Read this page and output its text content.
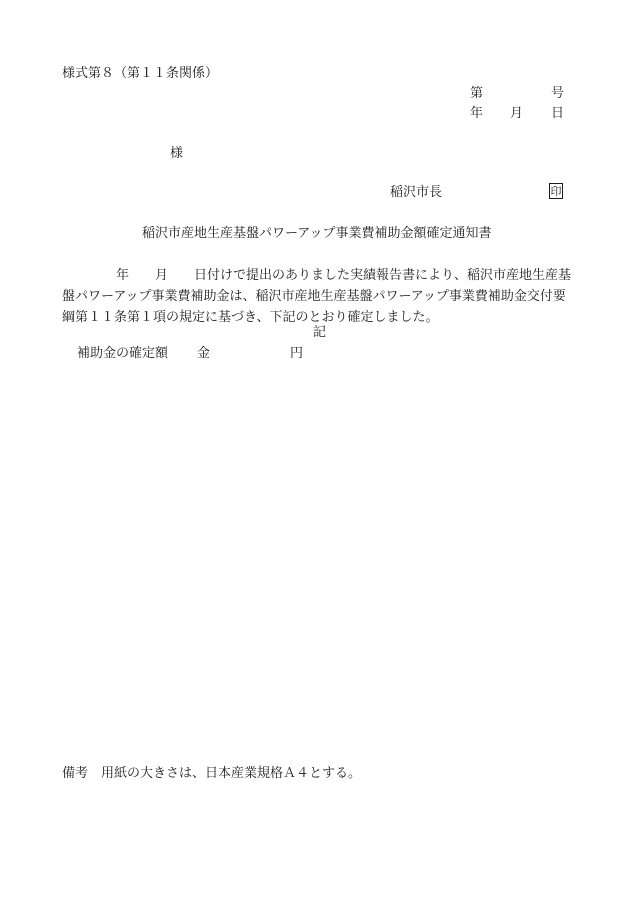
様式第８（第１１条関係）
第	号
年 月 日
様
稲沢市長	印
稲沢市産地生産基盤パワーアップ事業費補助金額確定通知書
年 月 日付けで提出のありました実績報告書により、稲沢市産地生産基
盤パワーアップ事業費補助金は、稲沢市産地生産基盤パワーアップ事業費補助金交付要
綱第１１条第１項の規定に基づき、下記のとおり確定しました。
記
補助金の確定額 金	円
備考　用紙の大きさは、日本産業規格Ａ４とする。
